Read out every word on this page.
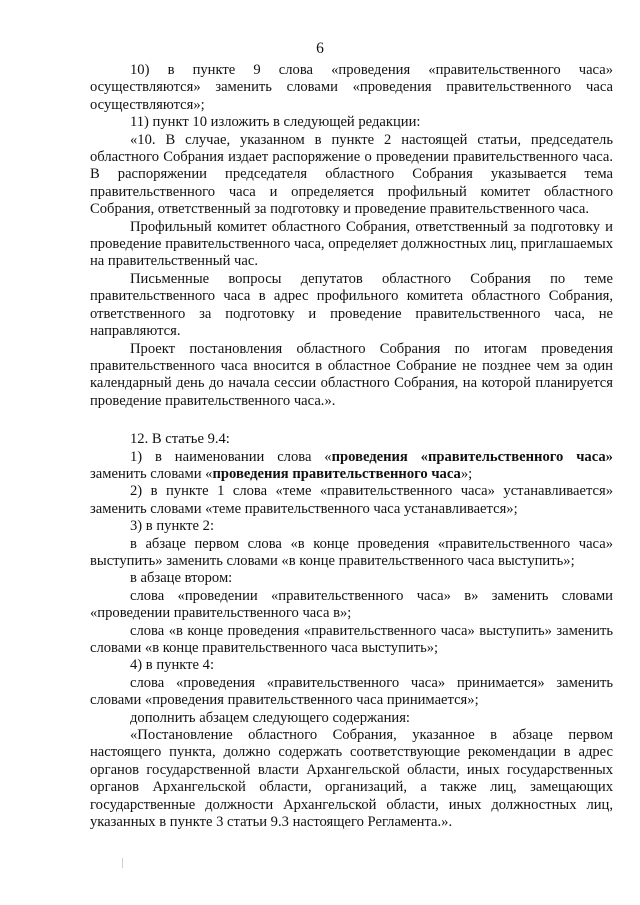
6

10) в пункте 9 слова «проведения «правительственного часа» осуществляются» заменить словами «проведения правительственного часа осуществляются»;

11) пункт 10 изложить в следующей редакции:

«10. В случае, указанном в пункте 2 настоящей статьи, председатель областного Собрания издает распоряжение о проведении правительственного часа. В распоряжении председателя областного Собрания указывается тема правительственного часа и определяется профильный комитет областного Собрания, ответственный за подготовку и проведение правительственного часа.

Профильный комитет областного Собрания, ответственный за подготовку и проведение правительственного часа, определяет должностных лиц, приглашаемых на правительственный час.

Письменные вопросы депутатов областного Собрания по теме правительственного часа в адрес профильного комитета областного Собрания, ответственного за подготовку и проведение правительственного часа, не направляются.

Проект постановления областного Собрания по итогам проведения правительственного часа вносится в областное Собрание не позднее чем за один календарный день до начала сессии областного Собрания, на которой планируется проведение правительственного часа.».

12. В статье 9.4:

1) в наименовании слова «проведения «правительственного часа» заменить словами «проведения правительственного часа»;

2) в пункте 1 слова «теме «правительственного часа» устанавливается» заменить словами «теме правительственного часа устанавливается»;

3) в пункте 2:

в абзаце первом слова «в конце проведения «правительственного часа» выступить» заменить словами «в конце правительственного часа выступить»;

в абзаце втором:

слова «проведении «правительственного часа» в» заменить словами «проведении правительственного часа в»;

слова «в конце проведения «правительственного часа» выступить» заменить словами «в конце правительственного часа выступить»;

4) в пункте 4:

слова «проведения «правительственного часа» принимается» заменить словами «проведения правительственного часа принимается»;

дополнить абзацем следующего содержания:

«Постановление областного Собрания, указанное в абзаце первом настоящего пункта, должно содержать соответствующие рекомендации в адрес органов государственной власти Архангельской области, иных государственных органов Архангельской области, организаций, а также лиц, замещающих государственные должности Архангельской области, иных должностных лиц, указанных в пункте 3 статьи 9.3 настоящего Регламента.».
